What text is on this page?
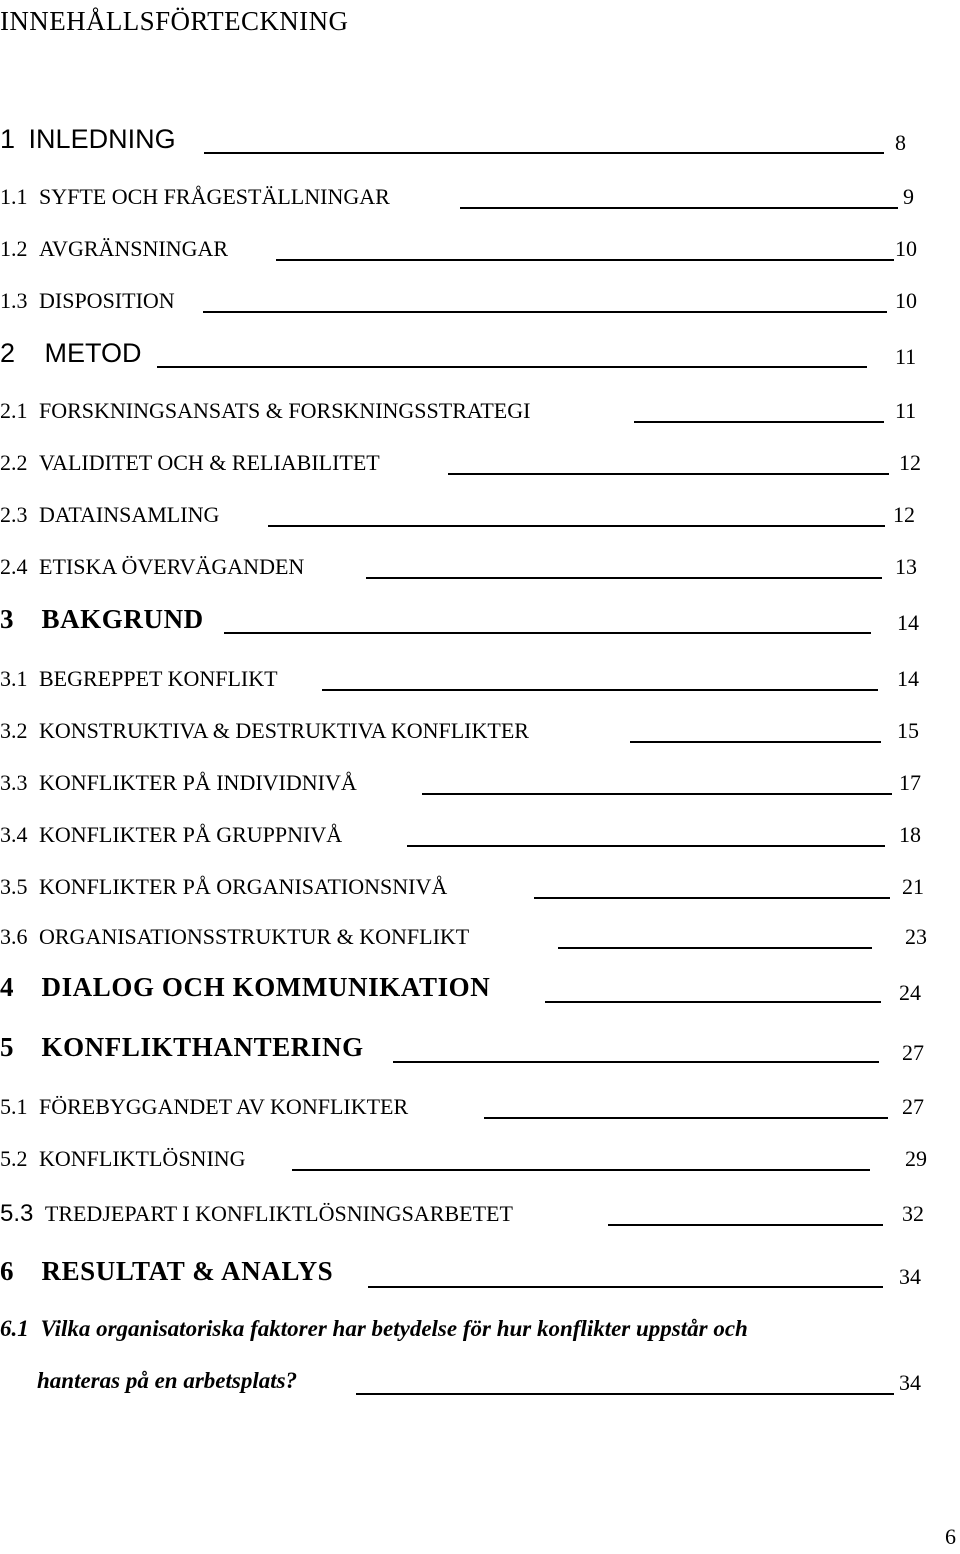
INNEHÅLLSFÖRTECKNING
1 INLEDNING	8
1.1 SYFTE OCH FRÅGESTÄLLNINGAR	9
1.2 AVGRÄNSNINGAR	10
1.3 DISPOSITION	10
2 METOD	11
2.1 FORSKNINGSANSATS & FORSKNINGSSTRATEGI	11
2.2 VALIDITET OCH & RELIABILITET	12
2.3 DATAINSAMLING	12
2.4 ETISKA ÖVERVÄGANDEN	13
3 BAKGRUND	14
3.1 BEGREPPET KONFLIKT	14
3.2 KONSTRUKTIVA & DESTRUKTIVA KONFLIKTER	15
3.3 KONFLIKTER PÅ INDIVIDNIVÅ	17
3.4 KONFLIKTER PÅ GRUPPNIVÅ	18
3.5 KONFLIKTER PÅ ORGANISATIONSNIVÅ	21
3.6 ORGANISATIONSSTRUKTUR & KONFLIKT	23
4 DIALOG OCH KOMMUNIKATION	24
5 KONFLIKTHANTERING	27
5.1 FÖREBYGGANDET AV KONFLIKTER	27
5.2 KONFLIKTLÖSNING	29
5.3 TREDJEPART I KONFLIKTLÖSNINGSARBETET	32
6 RESULTAT & ANALYS	34
6.1 Vilka organisatoriska faktorer har betydelse för hur konflikter uppstår och
hanteras på en arbetsplats?	34
6
